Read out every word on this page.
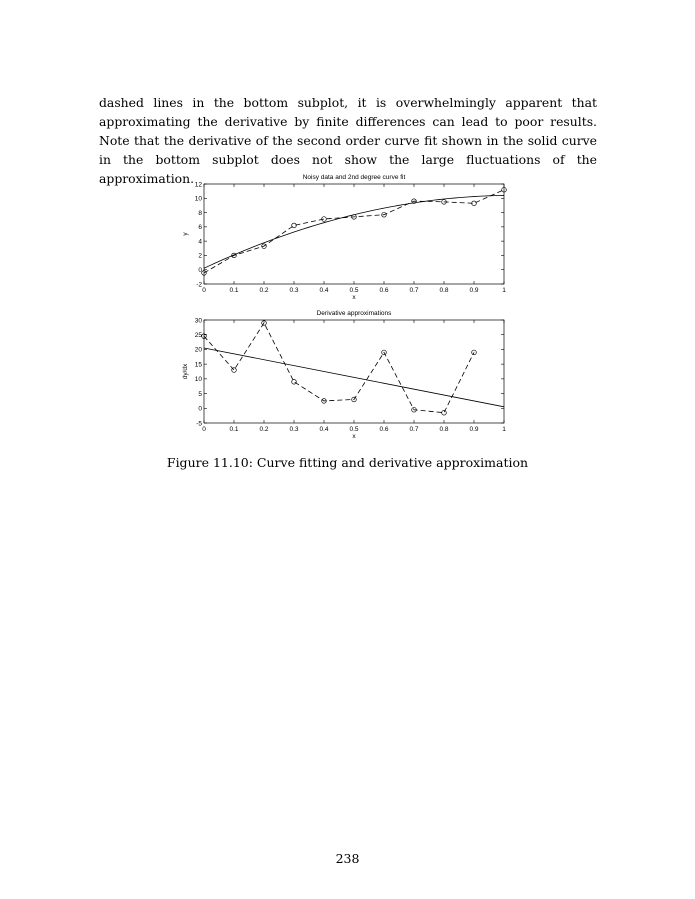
dashed lines in the bottom subplot, it is overwhelmingly apparent that approximating the derivative by finite differences can lead to poor results. Note that the derivative of the second order curve fit shown in the solid curve in the bottom subplot does not show the large fluctuations of the approximation.	Noisy data and 2nd degree curve fit
0	0.1	0.2	0.3	0.4	0.5	0.6	0.7	0.8	0.9	1
-2
0
2
4
6
8
10
12
x
y
Derivative approximations
0	0.1	0.2	0.3	0.4	0.5	0.6	0.7	0.8	0.9	1
-5
0
5
10
15
20
25
30
x
dy/dx
Figure 11.10: Curve fitting and derivative approximation
238
